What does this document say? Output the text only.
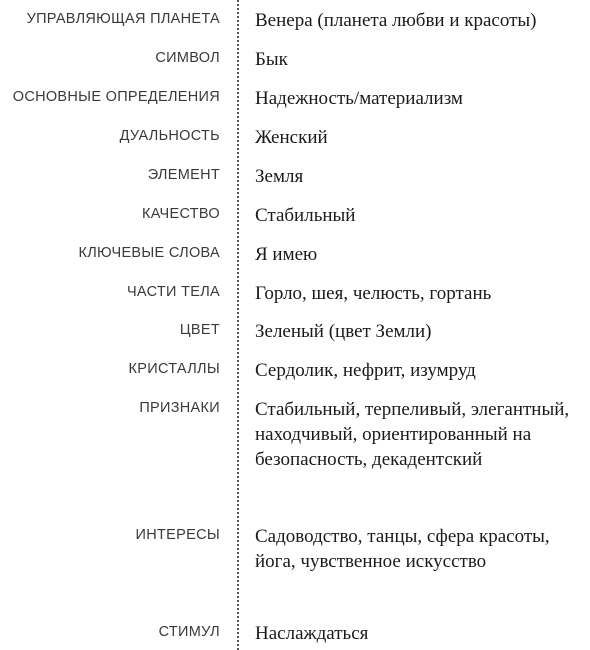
УПРАВЛЯЮЩАЯ ПЛАНЕТА Венера (планета любви и красоты)
СИМВОЛ Бык
ОСНОВНЫЕ ОПРЕДЕЛЕНИЯ Надежность/материализм
ДУАЛЬНОСТЬ Женский
ЭЛЕМЕНТ Земля
КАЧЕСТВО Стабильный
КЛЮЧЕВЫЕ СЛОВА Я имею
ЧАСТИ ТЕЛА Горло, шея, челюсть, гортань
ЦВЕТ Зеленый (цвет Земли)
КРИСТАЛЛЫ Сердолик, нефрит, изумруд
ПРИЗНАКИ Стабильный, терпеливый, элегантный, находчивый, ориентированный на безопасность, декадентский
ИНТЕРЕСЫ Садоводство, танцы, сфера красоты, йога, чувственное искусство
СТИМУЛ Наслаждаться
